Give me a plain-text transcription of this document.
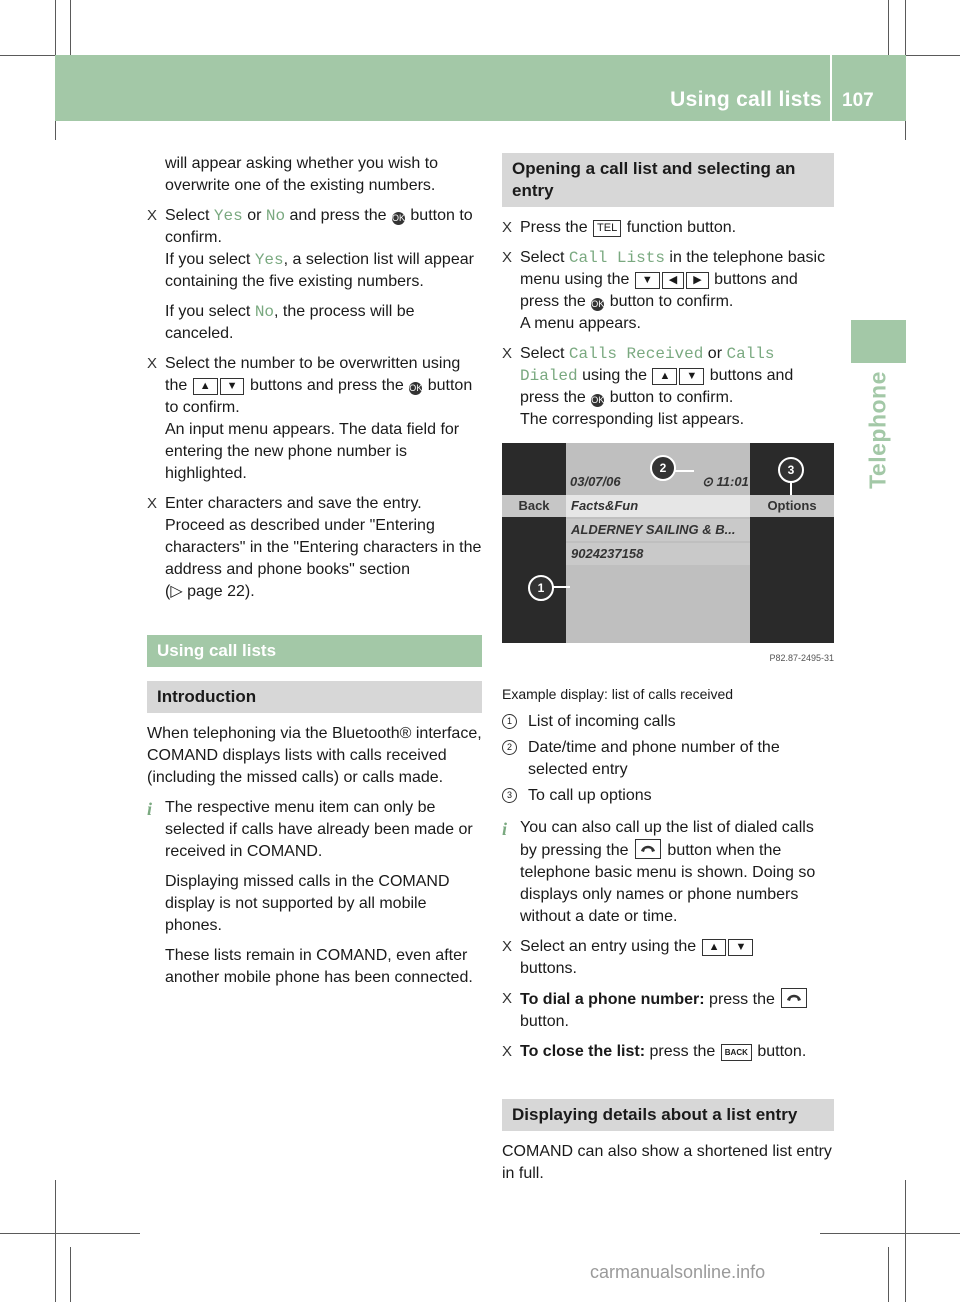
Using call lists 107
Telephone

will appear asking whether you wish to overwrite one of the existing numbers.

X Select Yes or No and press the OK button to confirm.
If you select Yes, a selection list will appear containing the five existing numbers.
If you select No, the process will be canceled.
X Select the number to be overwritten using the ▲ ▼ buttons and press the OK button to confirm.
An input menu appears. The data field for entering the new phone number is highlighted.
X Enter characters and save the entry.
Proceed as described under "Entering characters" in the "Entering characters in the address and phone books" section
(▷ page 22).
Using call lists
Introduction

When telephoning via the Bluetooth® interface, COMAND displays lists with calls received (including the missed calls) or calls made.

i The respective menu item can only be selected if calls have already been made or received in COMAND.

Displaying missed calls in the COMAND display is not supported by all mobile phones.

These lists remain in COMAND, even after another mobile phone has been connected.

Opening a call list and selecting an entry
X Press the TEL function button.
X Select Call Lists in the telephone basic menu using the ▼ ◀ ▶ buttons and press the OK button to confirm.
A menu appears.
X Select Calls Received or Calls Dialed using the ▲ ▼ buttons and press the OK button to confirm.
The corresponding list appears.
Back	Options
03/07/06	⊙ 11:01
Facts&Fun
ALDERNEY SAILING & B...
9024237158
1
2	3
P82.87-2495-31

Example display: list of calls received

1	List of incoming calls
2	Date/time and phone number of the selected entry
3	To call up options
i You can also call up the list of dialed calls by pressing the button when the telephone basic menu is shown. Doing so displays only names or phone numbers without a date or time.
X Select an entry using the ▲ ▼
buttons.
X To dial a phone number: press the
button.
X To close the list: press the BACK button.
Displaying details about a list entry

COMAND can also show a shortened list entry in full.

carmanualsonline.info
